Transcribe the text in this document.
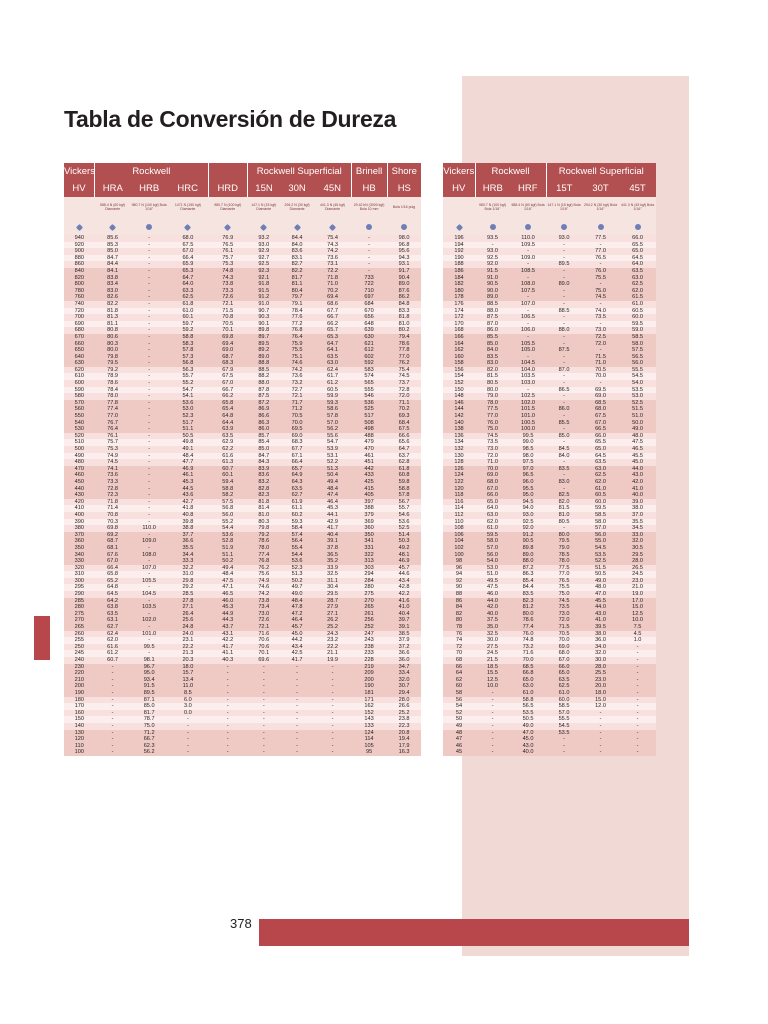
Tabla de Conversión de Dureza
Vickers	Rockwell				Rockwell Superficial			Brinell	Shore
HV	HRA	HRB	HRC	HRD	15N	30N	45N	HB	HS
	588.4 N (60 kgf) Diamante	980.7 N (100 kgf) Bola 1/16"	1471 N (150 kgf) Diamante	980.7 N (100 kgf) Diamante	147.1 N (15 kgf) Diamante	294.2 N (30 kgf) Diamante	441.3 N (45 kgf) Diamante	29.42 kN (3000 kgf) Bola 10 mm	Bola 1/16 pulg

940	85.6	-	68.0	76.9	93.2	84.4	75.4	-	98.0
920	85.3	-	67.5	76.5	93.0	84.0	74.3	-	96.8
900	85.0	-	67.0	76.1	92.9	83.6	74.2	-	95.6
880	84.7	-	66.4	75.7	92.7	83.1	73.6	-	94.3
860	84.4	-	65.9	75.3	92.5	82.7	73.1	-	93.1
840	84.1	-	65.3	74.8	92.3	82.2	72.2	-	91.7
820	83.8	-	64.7	74.3	92.1	81.7	71.8	733	90.4
800	83.4	-	64.0	73.8	91.8	81.1	71.0	722	89.0
780	83.0	-	63.3	73.3	91.5	80.4	70.2	710	87.6
760	82.6	-	62.5	72.6	91.2	79.7	69.4	697	86.2
740	82.2	-	61.8	72.1	91.0	79.1	68.6	684	84.8
720	81.8	-	61.0	71.5	90.7	78.4	67.7	670	83.3
700	81.3	-	60.1	70.8	90.3	77.6	66.7	656	81.8
690	81.1	-	59.7	70.5	90.1	77.2	66.2	648	81.0
680	80.8	-	59.2	70.1	89.8	76.8	65.7	639	80.2
670	80.6	-	58.8	69.8	89.7	76.4	65.3	630	79.4
660	80.3	-	58.3	69.4	89.5	75.9	64.7	621	78.6
650	80.0	-	57.8	69.0	89.2	75.5	64.1	612	77.8
640	79.8	-	57.3	68.7	89.0	75.1	63.5	602	77.0
630	79.5	-	56.8	68.3	88.8	74.6	63.0	592	76.2
620	79.2	-	56.3	67.9	88.5	74.2	62.4	583	75.4
610	78.9	-	55.7	67.5	88.2	73.6	61.7	574	74.5
600	78.6	-	55.2	67.0	88.0	73.2	61.2	565	73.7
590	78.4	-	54.7	66.7	87.8	72.7	60.5	555	72.8
580	78.0	-	54.1	66.2	87.5	72.1	59.9	546	72.0
570	77.8	-	53.6	65.8	87.2	71.7	59.3	536	71.1
560	77.4	-	53.0	65.4	86.9	71.2	58.6	525	70.2
550	77.0	-	52.3	64.8	86.6	70.5	57.8	517	69.3
540	76.7	-	51.7	64.4	86.3	70.0	57.0	508	68.4
530	76.4	-	51.1	63.9	86.0	69.5	56.2	498	67.5
520	76.1	-	50.5	63.5	85.7	69.0	55.6	488	66.6
510	75.7	-	49.8	62.9	85.4	68.3	54.7	479	65.6
500	75.3	-	49.1	62.2	85.0	67.7	53.9	470	64.7
490	74.9	-	48.4	61.6	84.7	67.1	53.1	461	63.7
480	74.5	-	47.7	61.3	84.3	66.4	52.2	451	62.8
470	74.1	-	46.9	60.7	83.9	65.7	51.3	442	61.8
460	73.6	-	46.1	60.1	83.6	64.9	50.4	433	60.8
450	73.3	-	45.3	59.4	83.2	64.3	49.4	425	59.8
440	72.8	-	44.5	58.8	82.8	63.5	48.4	415	58.8
430	72.3	-	43.6	58.2	82.3	62.7	47.4	405	57.8
420	71.8	-	42.7	57.5	81.8	61.9	46.4	397	56.7
410	71.4	-	41.8	56.8	81.4	61.1	45.3	388	55.7
400	70.8	-	40.8	56.0	81.0	60.2	44.1	379	54.6
390	70.3	-	39.8	55.2	80.3	59.3	42.9	369	53.6
380	69.8	110.0	38.8	54.4	79.8	58.4	41.7	360	52.5
370	69.2	-	37.7	53.6	79.2	57.4	40.4	350	51.4
360	68.7	109.0	36.6	52.8	78.6	56.4	39.1	341	50.3
350	68.1	-	35.5	51.9	78.0	55.4	37.8	331	49.2
340	67.6	108.0	34.4	51.1	77.4	54.4	36.5	322	48.1
330	67.0	-	33.3	50.2	76.8	53.6	35.2	313	46.9
320	66.4	107.0	32.2	49.4	76.2	52.3	33.9	303	45.7
310	65.8	-	31.0	48.4	75.6	51.3	32.5	294	44.6
300	65.2	105.5	29.8	47.5	74.9	50.2	31.1	284	43.4
295	64.8	-	29.2	47.1	74.6	49.7	30.4	280	42.8
290	64.5	104.5	28.5	46.5	74.2	49.0	29.5	275	42.2
285	64.2	-	27.8	46.0	73.8	48.4	28.7	270	41.6
280	63.8	103.5	27.1	45.3	73.4	47.8	27.9	265	41.0
275	63.5	-	26.4	44.9	73.0	47.2	27.1	261	40.4
270	63.1	102.0	25.6	44.3	72.6	46.4	26.2	256	39.7
265	62.7	-	24.8	43.7	72.1	45.7	25.2	252	39.1
260	62.4	101.0	24.0	43.1	71.6	45.0	24.3	247	38.5
255	62.0	-	23.1	42.2	70.6	44.2	23.2	243	37.9
250	61.6	99.5	22.2	41.7	70.6	43.4	22.2	238	37.2
245	61.2	-	21.3	41.1	70.1	42.5	21.1	233	36.6
240	60.7	98.1	20.3	40.3	69.6	41.7	19.9	228	36.0
230	-	96.7	18.0	-	-	-	-	219	34.7
220	-	95.0	15.7	-	-	-	-	209	33.4
210	-	93.4	13.4	-	-	-	-	200	32.0
200	-	91.5	11.0	-	-	-	-	190	30.7
190	-	89.5	8.5	-	-	-	-	181	29.4
180	-	87.1	6.0	-	-	-	-	171	28.0
170	-	85.0	3.0	-	-	-	-	162	26.6
160	-	81.7	0.0	-	-	-	-	152	25.2
150	-	78.7	-	-	-	-	-	143	23.8
140	-	75.0	-	-	-	-	-	133	22.3
130	-	71.2	-	-	-	-	-	124	20.8
120	-	66.7	-	-	-	-	-	114	19.4
110	-	62.3	-	-	-	-	-	105	17.9
100	-	56.2	-	-	-	-	-	95	16.3
Vickers	Rockwell		Rockwell Superficial		
HV	HRB	HRF	15T	30T	45T
	980.7 N (100 kgf) Bola 1/16"	588.4 N (60 kgf) Bola 1/16"	147.1 N (15 kgf) Bola 1/16"	294.2 N (30 kgf) Bola 1/16"	441.3 N (45 kgf) Bola 1/16"

196	93.5	110.0	93.0	77.5	66.0
194	-	109.5	-	-	65.5
192	93.0	-	-	77.0	65.0
190	92.5	109.0	-	76.5	64.5
188	92.0	-	89.5	-	64.0
186	91.5	108.5	-	76.0	63.5
184	91.0	-	-	75.5	63.0
182	90.5	108.0	89.0	-	62.5
180	90.0	107.5	-	75.0	62.0
178	89.0	-	-	74.5	61.5
176	88.5	107.0	-	-	61.0
174	88.0	-	88.5	74.0	60.5
172	87.5	106.5	-	73.5	60.0
170	87.0	-	-	-	59.5
168	86.0	106.0	88.0	73.0	59.0
166	85.5	-	-	72.5	58.5
164	85.0	105.5	-	72.0	58.0
162	84.0	105.0	87.5	-	57.5
160	83.5	-	-	71.5	56.5
158	83.0	104.5	-	71.0	56.0
156	82.0	104.0	87.0	70.5	55.5
154	81.5	103.5	-	70.0	54.5
152	80.5	103.0	-	-	54.0
150	80.0	-	86.5	69.5	53.5
148	79.0	102.5	-	69.0	53.0
146	78.0	102.0	-	68.5	52.5
144	77.5	101.5	86.0	68.0	51.5
142	77.0	101.0	-	67.5	51.0
140	76.0	100.5	85.5	67.0	50.0
138	75.0	100.0	-	66.5	49.0
136	74.5	99.5	85.0	66.0	48.0
134	73.5	99.0	-	65.5	47.5
132	73.0	98.5	84.5	65.0	46.5
130	72.0	98.0	84.0	64.5	45.5
128	71.0	97.5	-	63.5	45.0
126	70.0	97.0	83.5	63.0	44.0
124	69.0	96.5	-	62.5	43.0
122	68.0	96.0	83.0	62.0	42.0
120	67.0	95.5	-	61.0	41.0
118	66.0	95.0	82.5	60.5	40.0
116	65.0	94.5	82.0	60.0	39.0
114	64.0	94.0	81.5	59.5	38.0
112	63.0	93.0	81.0	58.5	37.0
110	62.0	92.5	80.5	58.0	35.5
108	61.0	92.0	-	57.0	34.5
106	59.5	91.2	80.0	56.0	33.0
104	58.0	90.5	79.5	55.0	32.0
102	57.0	89.8	79.0	54.5	30.5
100	56.0	89.0	78.5	53.5	29.5
98	54.0	88.0	78.0	52.5	28.0
96	53.0	87.2	77.5	51.5	26.5
94	51.0	86.3	77.0	50.5	24.5
92	49.5	85.4	76.5	49.0	23.0
90	47.5	84.4	75.5	48.0	21.0
88	46.0	83.5	75.0	47.0	19.0
86	44.0	82.3	74.5	45.5	17.0
84	42.0	81.2	73.5	44.0	15.0
82	40.0	80.0	73.0	43.0	12.5
80	37.5	78.6	72.0	41.0	10.0
78	35.0	77.4	71.5	39.5	7.5
76	32.5	76.0	70.5	38.0	4.5
74	30.0	74.8	70.0	36.0	1.0
72	27.5	73.2	69.0	34.0	-
70	24.5	71.6	68.0	32.0	-
68	21.5	70.0	67.0	30.0	-
66	18.5	68.5	66.0	28.0	-
64	15.5	66.8	65.0	25.5	-
62	12.5	65.0	63.5	23.0	-
60	10.0	63.0	62.5	20.0	-
58	-	61.0	61.0	18.0	-
56	-	58.8	60.0	15.0	-
54	-	56.5	58.5	12.0	-
52	-	53.5	57.0	-	-
50	-	50.5	55.5	-	-
49	-	49.0	54.5	-	-
48	-	47.0	53.5	-	-
47	-	45.0	-	-	-
46	-	43.0	-	-	-
45	-	40.0	-	-	-
378
